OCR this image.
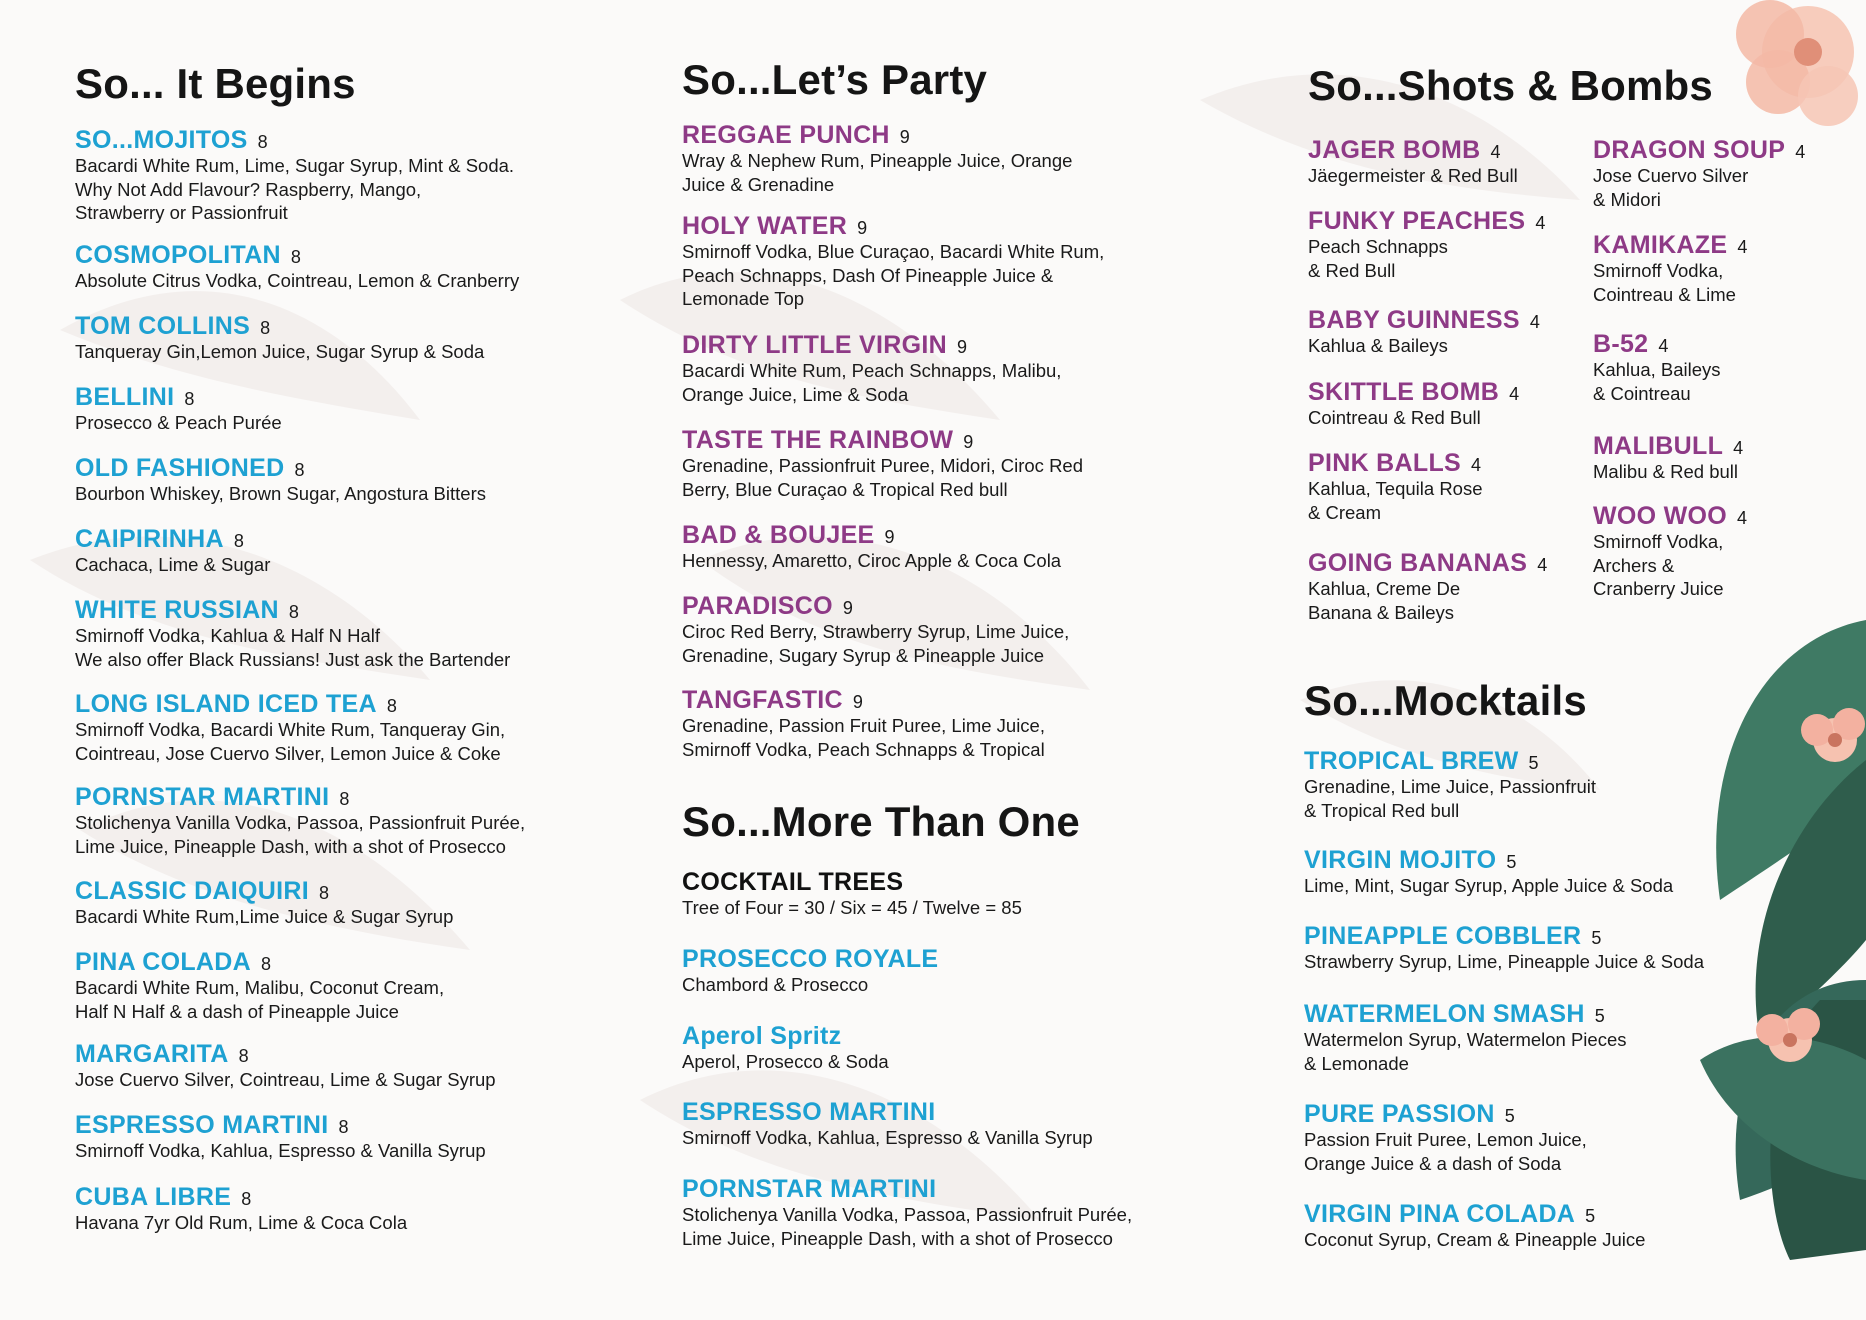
So... It Begins
SO...MOJITOS 8
Bacardi White Rum, Lime, Sugar Syrup, Mint & Soda.
Why Not Add Flavour? Raspberry, Mango,
Strawberry or Passionfruit
COSMOPOLITAN 8
Absolute Citrus Vodka, Cointreau, Lemon & Cranberry
TOM COLLINS 8
Tanqueray Gin,Lemon Juice, Sugar Syrup & Soda
BELLINI 8
Prosecco & Peach Purée
OLD FASHIONED 8
Bourbon Whiskey, Brown Sugar, Angostura Bitters
CAIPIRINHA 8
Cachaca, Lime & Sugar
WHITE RUSSIAN 8
Smirnoff Vodka, Kahlua & Half N Half
We also offer Black Russians! Just ask the Bartender
LONG ISLAND ICED TEA 8
Smirnoff Vodka, Bacardi White Rum, Tanqueray Gin,
Cointreau, Jose Cuervo Silver, Lemon Juice & Coke
PORNSTAR MARTINI 8
Stolichenya Vanilla Vodka, Passoa, Passionfruit Purée,
Lime Juice, Pineapple Dash, with a shot of Prosecco
CLASSIC DAIQUIRI 8
Bacardi White Rum,Lime Juice & Sugar Syrup
PINA COLADA 8
Bacardi White Rum, Malibu, Coconut Cream,
Half N Half & a dash of Pineapple Juice
MARGARITA 8
Jose Cuervo Silver, Cointreau, Lime & Sugar Syrup
ESPRESSO MARTINI 8
Smirnoff Vodka, Kahlua, Espresso & Vanilla Syrup
CUBA LIBRE 8
Havana 7yr Old Rum, Lime & Coca Cola
So...Let’s Party
REGGAE PUNCH 9
Wray & Nephew Rum, Pineapple Juice, Orange
Juice & Grenadine
HOLY WATER 9
Smirnoff Vodka, Blue Curaçao, Bacardi White Rum,
Peach Schnapps, Dash Of Pineapple Juice &
Lemonade Top
DIRTY LITTLE VIRGIN 9
Bacardi White Rum, Peach Schnapps, Malibu,
Orange Juice, Lime & Soda
TASTE THE RAINBOW 9
Grenadine, Passionfruit Puree, Midori, Ciroc Red
Berry, Blue Curaçao & Tropical Red bull
BAD & BOUJEE 9
Hennessy, Amaretto, Ciroc Apple & Coca Cola
PARADISCO 9
Ciroc Red Berry, Strawberry Syrup, Lime Juice,
Grenadine, Sugary Syrup & Pineapple Juice
TANGFASTIC 9
Grenadine, Passion Fruit Puree, Lime Juice,
Smirnoff Vodka, Peach Schnapps & Tropical
So...More Than One
COCKTAIL TREES
Tree of Four = 30 / Six = 45 / Twelve = 85
PROSECCO ROYALE
Chambord & Prosecco
Aperol Spritz
Aperol, Prosecco & Soda
ESPRESSO MARTINI
Smirnoff Vodka, Kahlua, Espresso & Vanilla Syrup
PORNSTAR MARTINI
Stolichenya Vanilla Vodka, Passoa, Passionfruit Purée,
Lime Juice, Pineapple Dash, with a shot of Prosecco
So...Shots & Bombs
JAGER BOMB 4
Jäegermeister & Red Bull
FUNKY PEACHES 4
Peach Schnapps
& Red Bull
BABY GUINNESS 4
Kahlua & Baileys
SKITTLE BOMB 4
Cointreau & Red Bull
PINK BALLS 4
Kahlua, Tequila Rose
& Cream
GOING BANANAS 4
Kahlua, Creme De
Banana & Baileys
DRAGON SOUP 4
Jose Cuervo Silver
& Midori
KAMIKAZE 4
Smirnoff Vodka,
Cointreau & Lime
B-52 4
Kahlua, Baileys
& Cointreau
MALIBULL 4
Malibu & Red bull
WOO WOO 4
Smirnoff Vodka,
Archers &
Cranberry Juice
So...Mocktails
TROPICAL BREW 5
Grenadine, Lime Juice, Passionfruit
& Tropical Red bull
VIRGIN MOJITO 5
Lime, Mint, Sugar Syrup, Apple Juice & Soda
PINEAPPLE COBBLER 5
Strawberry Syrup, Lime, Pineapple Juice & Soda
WATERMELON SMASH 5
Watermelon Syrup, Watermelon Pieces
& Lemonade
PURE PASSION 5
Passion Fruit Puree, Lemon Juice,
Orange Juice & a dash of Soda
VIRGIN PINA COLADA 5
Coconut Syrup, Cream & Pineapple Juice
